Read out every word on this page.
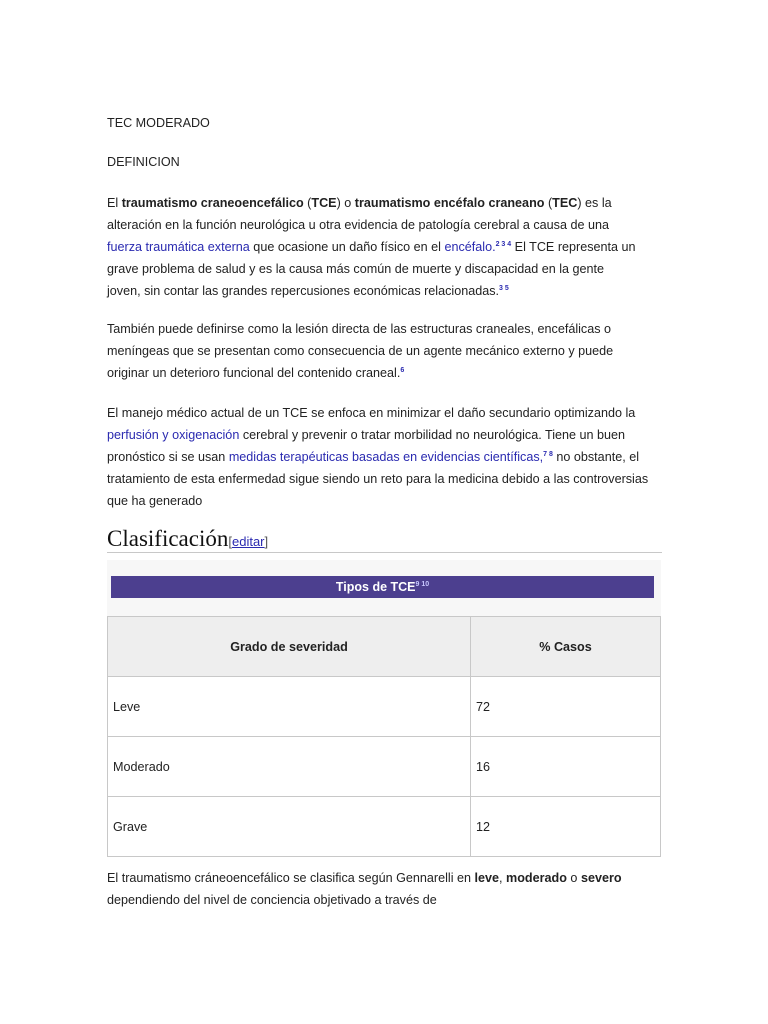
TEC MODERADO

DEFINICION

El traumatismo craneoencefálico (TCE) o traumatismo encéfalo craneano (TEC) es la alteración en la función neurológica u otra evidencia de patología cerebral a causa de una fuerza traumática externa que ocasione un daño físico en el encéfalo.$^{2 3 4}$ El TCE representa un grave problema de salud y es la causa más común de muerte y discapacidad en la gente joven, sin contar las grandes repercusiones económicas relacionadas.$^{3 5}$

También puede definirse como la lesión directa de las estructuras craneales, encefálicas o meníngeas que se presentan como consecuencia de un agente mecánico externo y puede originar un deterioro funcional del contenido craneal.$^6$

El manejo médico actual de un TCE se enfoca en minimizar el daño secundario optimizando la perfusión y oxigenación cerebral y prevenir o tratar morbilidad no neurológica. Tiene un buen pronóstico si se usan medidas terapéuticas basadas en evidencias científicas,$^{7 8}$ no obstante, el tratamiento de esta enfermedad sigue siendo un reto para la medicina debido a las controversias que ha generado

Clasificación[editar]
Tipos de $TCE^{9 10}$
Grado de severidad	% Casos
Leve	72
Moderado	16
Grave	12

El traumatismo cráneoencefálico se clasifica según Gennarelli en leve, moderado o severo dependiendo del nivel de conciencia objetivado a través de
